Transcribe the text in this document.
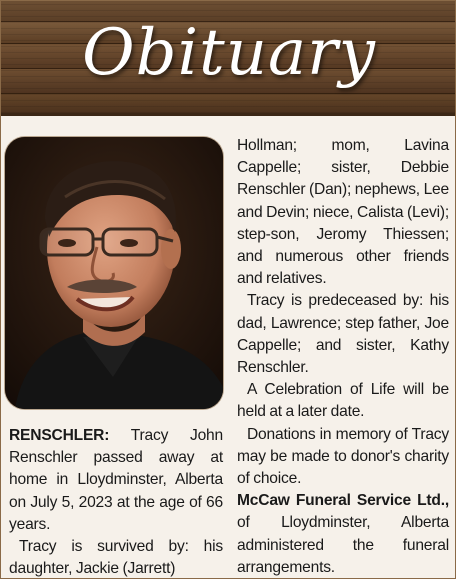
Obituary

RENSCHLER: Tracy John Renschler passed away at home in Lloydminster, Alberta on July 5, 2023 at the age of 66 years.

Tracy is survived by: his daughter, Jackie (Jarrett)

Hollman; mom, Lavina Cappelle; sister, Debbie Renschler (Dan); nephews, Lee and Devin; niece, Calista (Levi); step-son, Jeromy Thiessen; and numerous other friends and relatives.

Tracy is predeceased by: his dad, Lawrence; step father, Joe Cappelle; and sister, Kathy Renschler.

A Celebration of Life will be held at a later date.

Donations in memory of Tracy may be made to donor's charity of choice.

McCaw Funeral Service Ltd., of Lloydminster, Alberta administered the funeral arrangements.
